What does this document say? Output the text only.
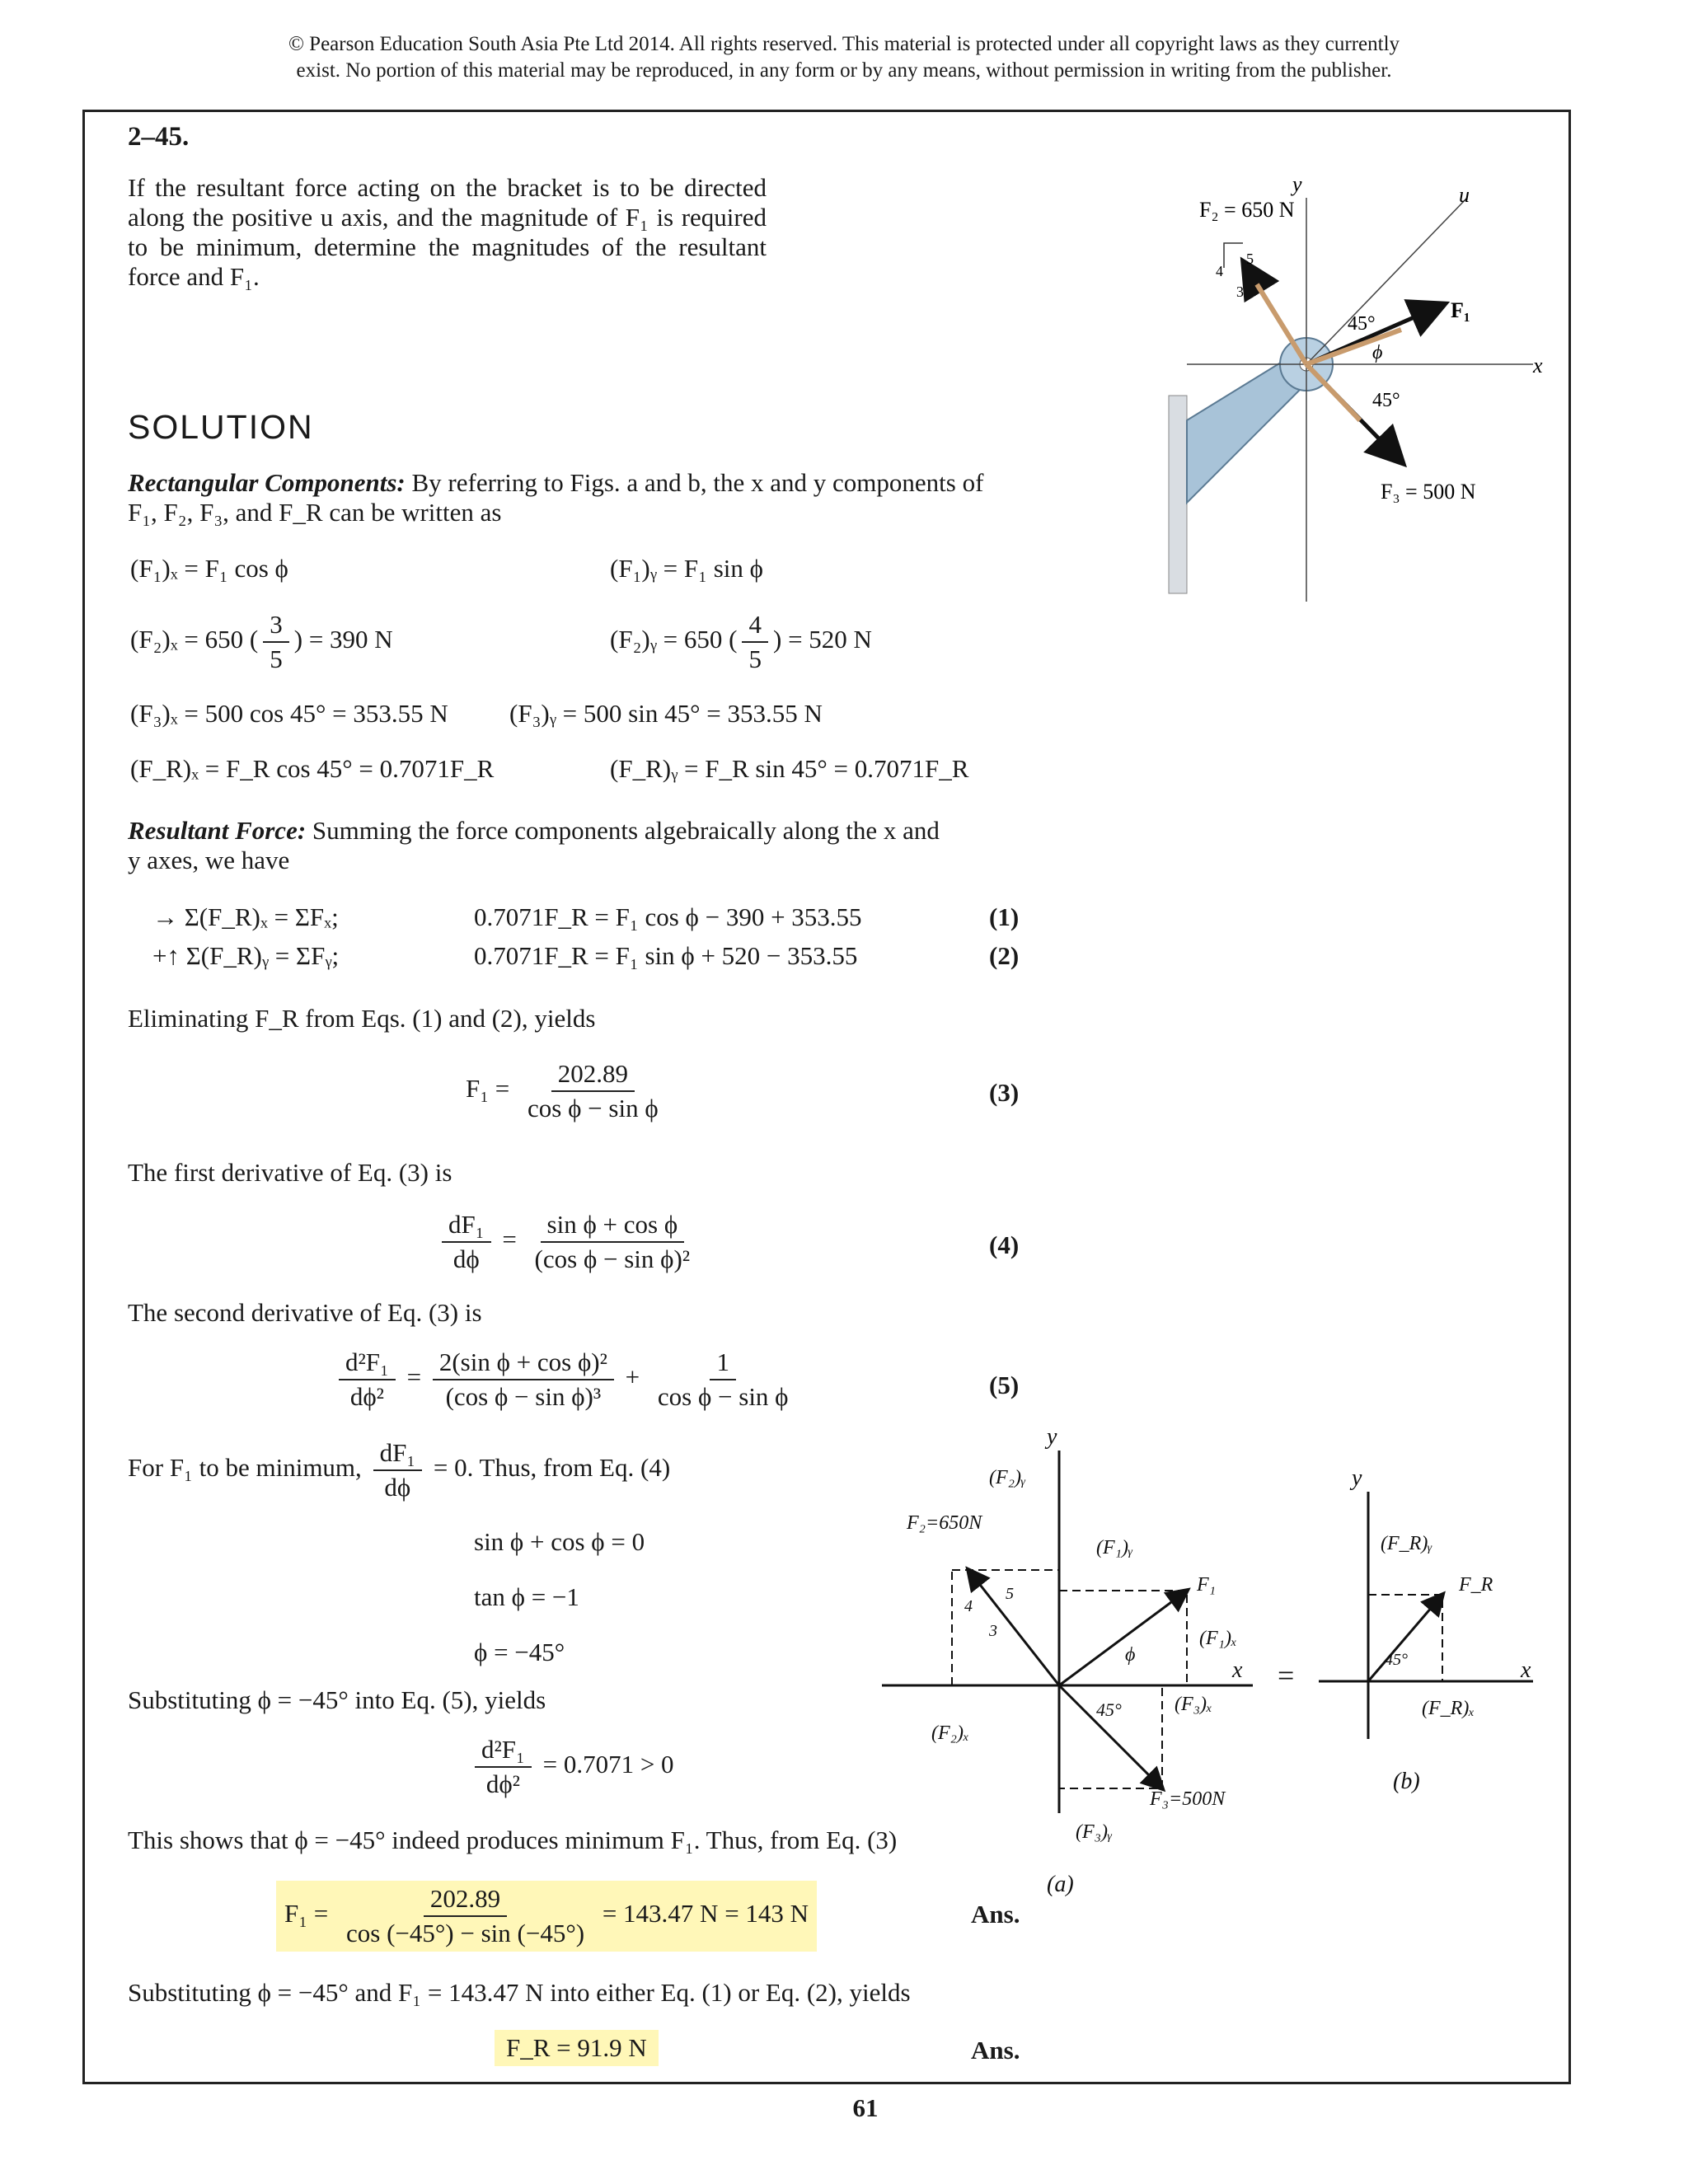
© Pearson Education South Asia Pte Ltd 2014. All rights reserved. This material is protected under all copyright laws as they currently
exist. No portion of this material may be reproduced, in any form or by any means, without permission in writing from the publisher.
2–45.
If the resultant force acting on the bracket is to be directed along the positive u axis, and the magnitude of F₁ is required to be minimum, determine the magnitudes of the resultant force and F₁.
F₂ = 650 N
y	u
x
F₁
45°
ϕ
45°
F₃ = 500 N
4
5
3
SOLUTION
Rectangular Components: By referring to Figs. a and b, the x and y components of
F₁, F₂, F₃, and F_R can be written as
(F₁)ₓ = F₁ cos ϕ	(F₁)ᵧ = F₁ sin ϕ
(F₂)ₓ = 650 ( $\frac{3}{5}$ ) = 390 N	(F₂)ᵧ = 650 ( $\frac{4}{5}$ ) = 520 N
(F₃)ₓ = 500 cos 45° = 353.55 N (F₃)ᵧ = 500 sin 45° = 353.55 N
(F_R)ₓ = F_R cos 45° = 0.7071F_R	(F_R)ᵧ = F_R sin 45° = 0.7071F_R
Resultant Force: Summing the force components algebraically along the x and
y axes, we have
→ Σ(F_R)ₓ = ΣFₓ;	0.7071F_R = F₁ cos ϕ − 390 + 353.55	(1)
+↑ Σ(F_R)ᵧ = ΣFᵧ;	0.7071F_R = F₁ sin ϕ + 520 − 353.55	(2)
Eliminating F_R from Eqs. (1) and (2), yields
$F_1 = \frac{202.89}{\text{cos ϕ − sin ϕ}}$	(3)
The first derivative of Eq. (3) is
$\frac{\text{dF₁}}{d\phi} = \frac{\text{sin ϕ + cos ϕ}}{\text{(cos ϕ − sin ϕ)²}}$	(4)
The second derivative of Eq. (3) is
$\frac{\text{d²F₁}}{\text{dϕ²}} = \frac{\text{2(sin ϕ + cos ϕ)²}}{\text{(cos ϕ − sin ϕ)³}} + \frac{1}{\text{cos ϕ − sin ϕ}}$	(5)
For F₁ to be minimum, $\frac{\text{dF₁}}{d\phi} = 0$. Thus, from Eq. (4)
sin ϕ + cos ϕ = 0
tan ϕ = −1
ϕ = −45°
Substituting ϕ = −45° into Eq. (5), yields
$\frac{\text{d²F₁}}{\text{dϕ²}} = 0.7071 > 0$
This shows that ϕ = −45° indeed produces minimum F₁. Thus, from Eq. (3)
$F_1 = \frac{202.89}{\cos (-45^\circ) - \sin (-45^\circ)} = 143.47$ N = 143 N	Ans.
Substituting ϕ = −45° and F₁ = 143.47 N into either Eq. (1) or Eq. (2), yields
F_R = 91.9 N	Ans.
y
x
F₂=650N
(F₂)ᵧ
(F₂)ₓ
(F₁)ᵧ
(F₁)ₓ
F₁
(F₃)ₓ
(F₃)ᵧ
F₃=500N
ϕ
45°
5
4
3
(a)
=
y
x
(F_R)ᵧ
F_R
(F_R)ₓ
45°
(b)
61
